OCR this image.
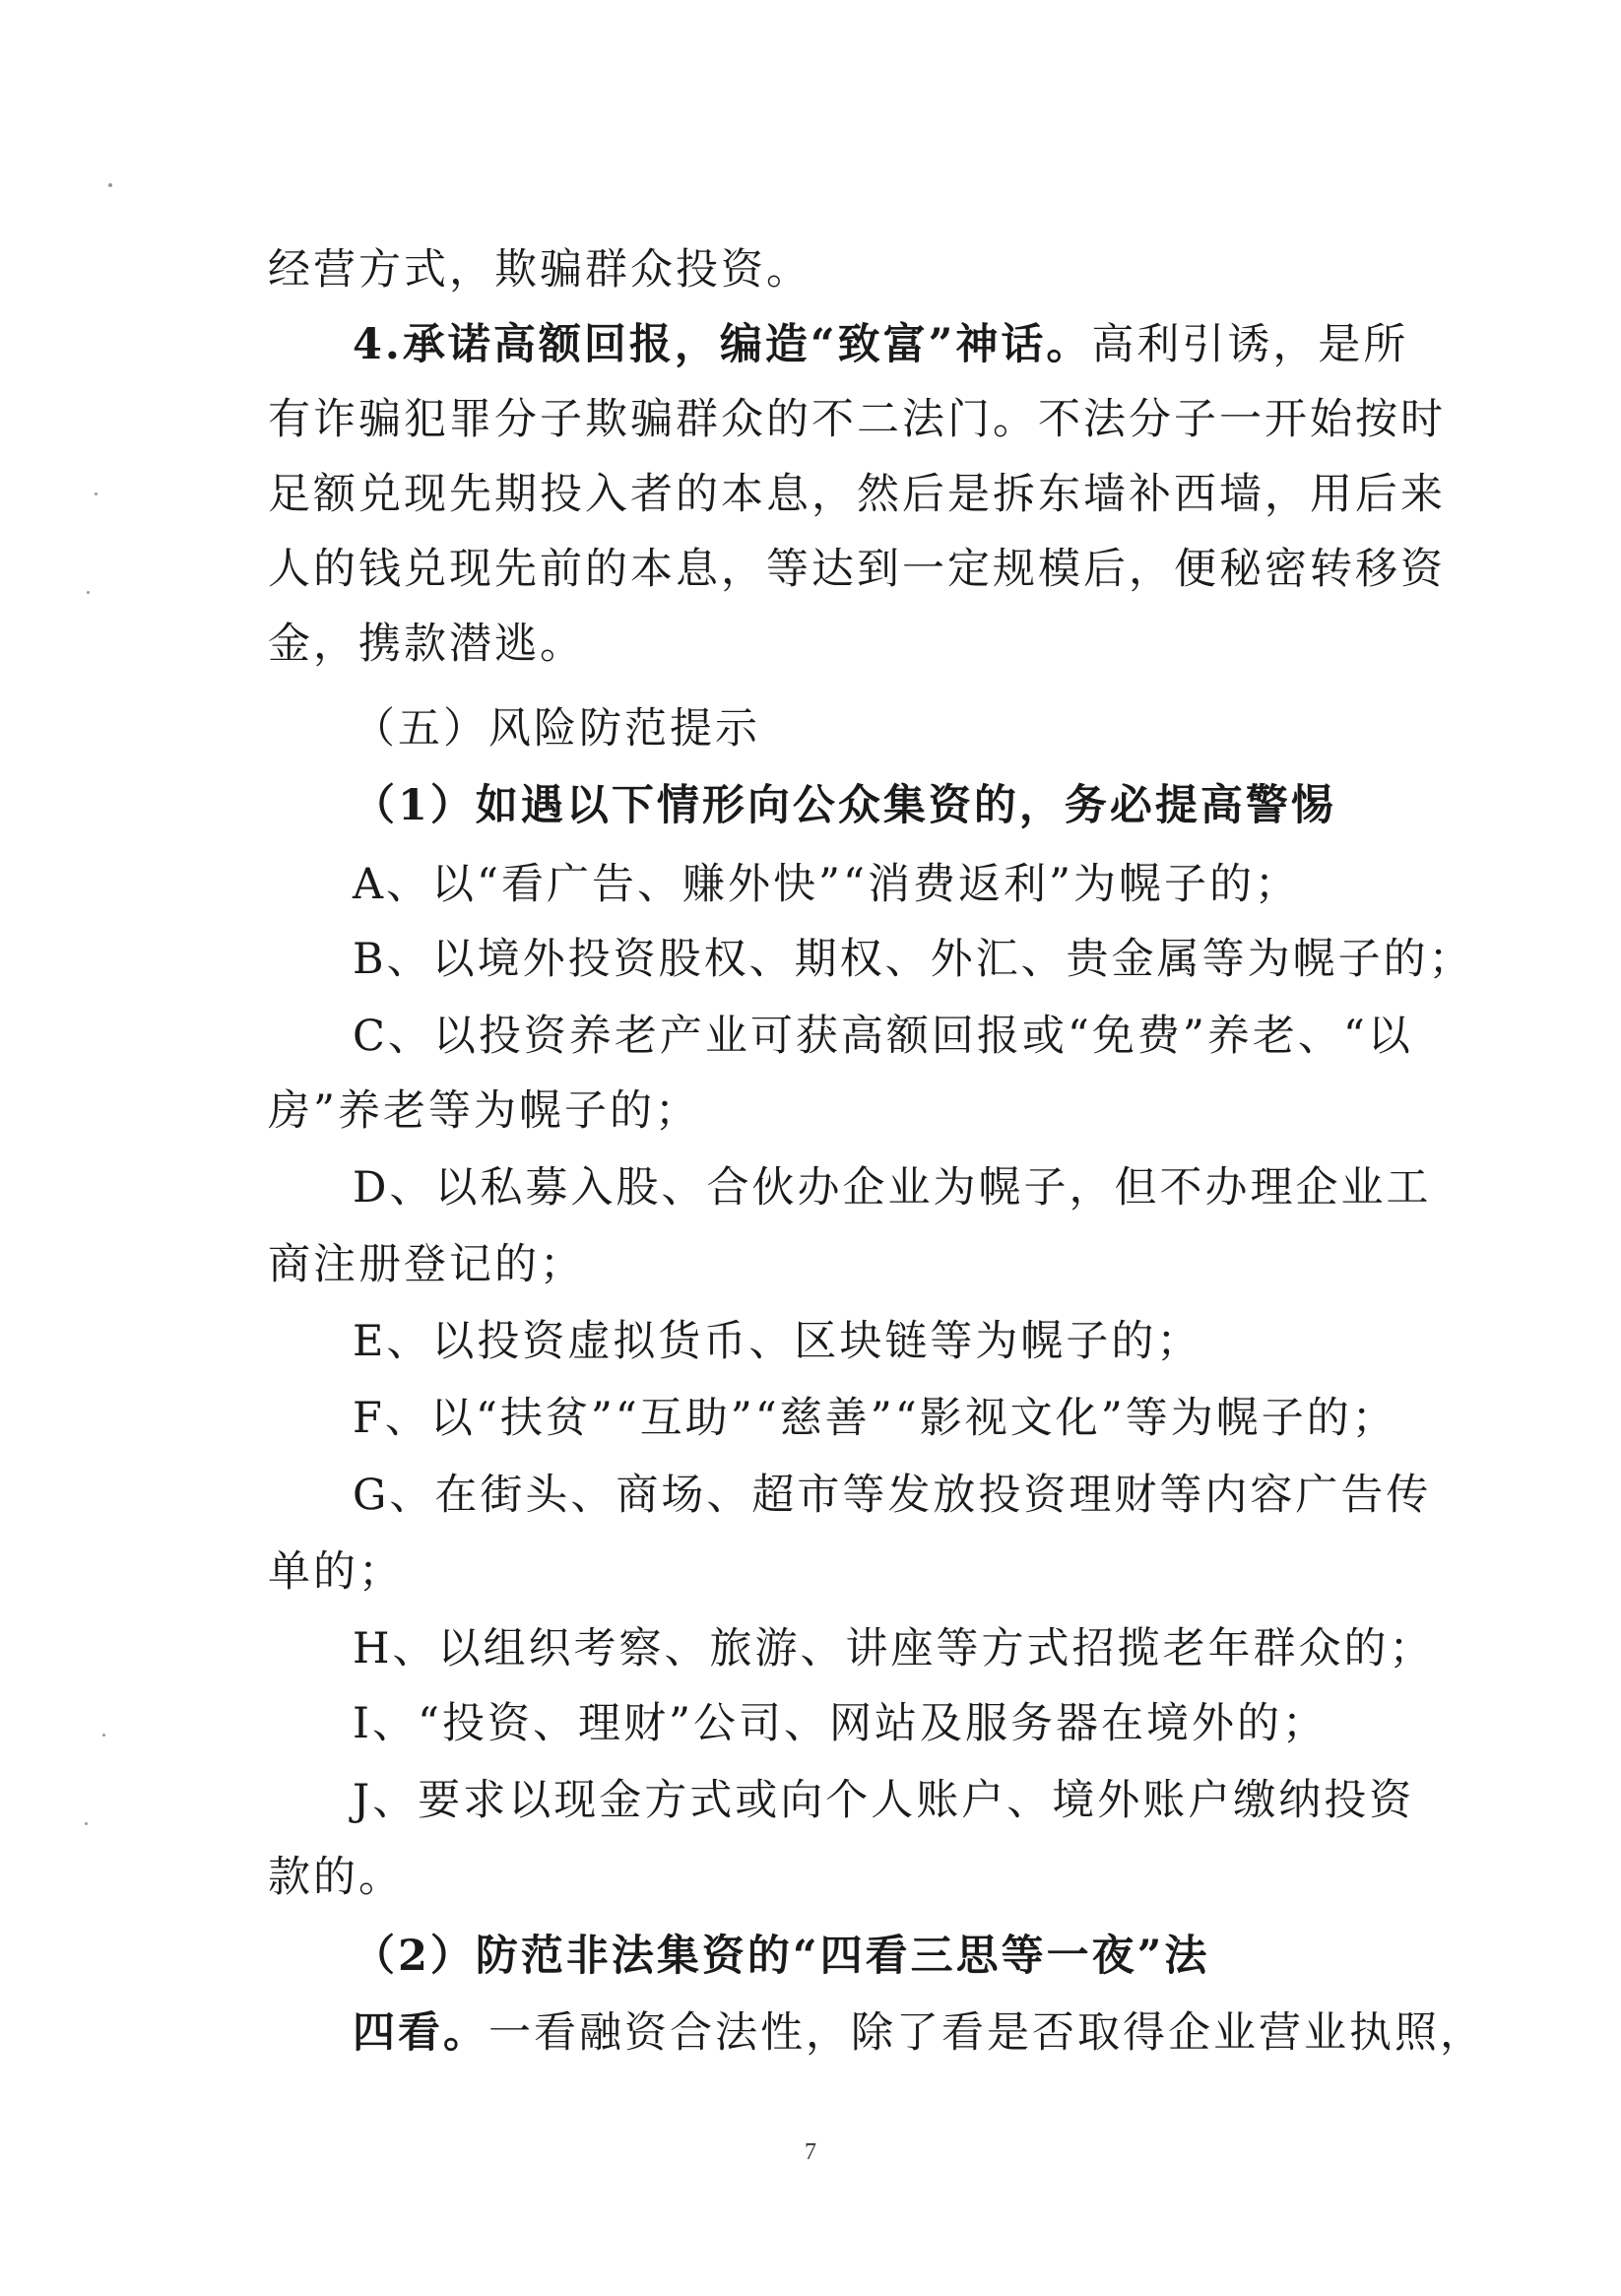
经营方式，欺骗群众投资。
4.承诺高额回报，编造“致富”神话。高利引诱，是所
有诈骗犯罪分子欺骗群众的不二法门。不法分子一开始按时
足额兑现先期投入者的本息，然后是拆东墙补西墙，用后来
人的钱兑现先前的本息，等达到一定规模后，便秘密转移资
金，携款潜逃。
（五）风险防范提示
（1）如遇以下情形向公众集资的，务必提高警惕
A、以“看广告、赚外快”“消费返利”为幌子的；
B、以境外投资股权、期权、外汇、贵金属等为幌子的；
C、以投资养老产业可获高额回报或“免费”养老、“以
房”养老等为幌子的；
D、以私募入股、合伙办企业为幌子，但不办理企业工
商注册登记的；
E、以投资虚拟货币、区块链等为幌子的；
F、以“扶贫”“互助”“慈善”“影视文化”等为幌子的；
G、在街头、商场、超市等发放投资理财等内容广告传
单的；
H、以组织考察、旅游、讲座等方式招揽老年群众的；
I、“投资、理财”公司、网站及服务器在境外的；
J、要求以现金方式或向个人账户、境外账户缴纳投资
款的。
（2）防范非法集资的“四看三思等一夜”法
四看。一看融资合法性，除了看是否取得企业营业执照，
7
